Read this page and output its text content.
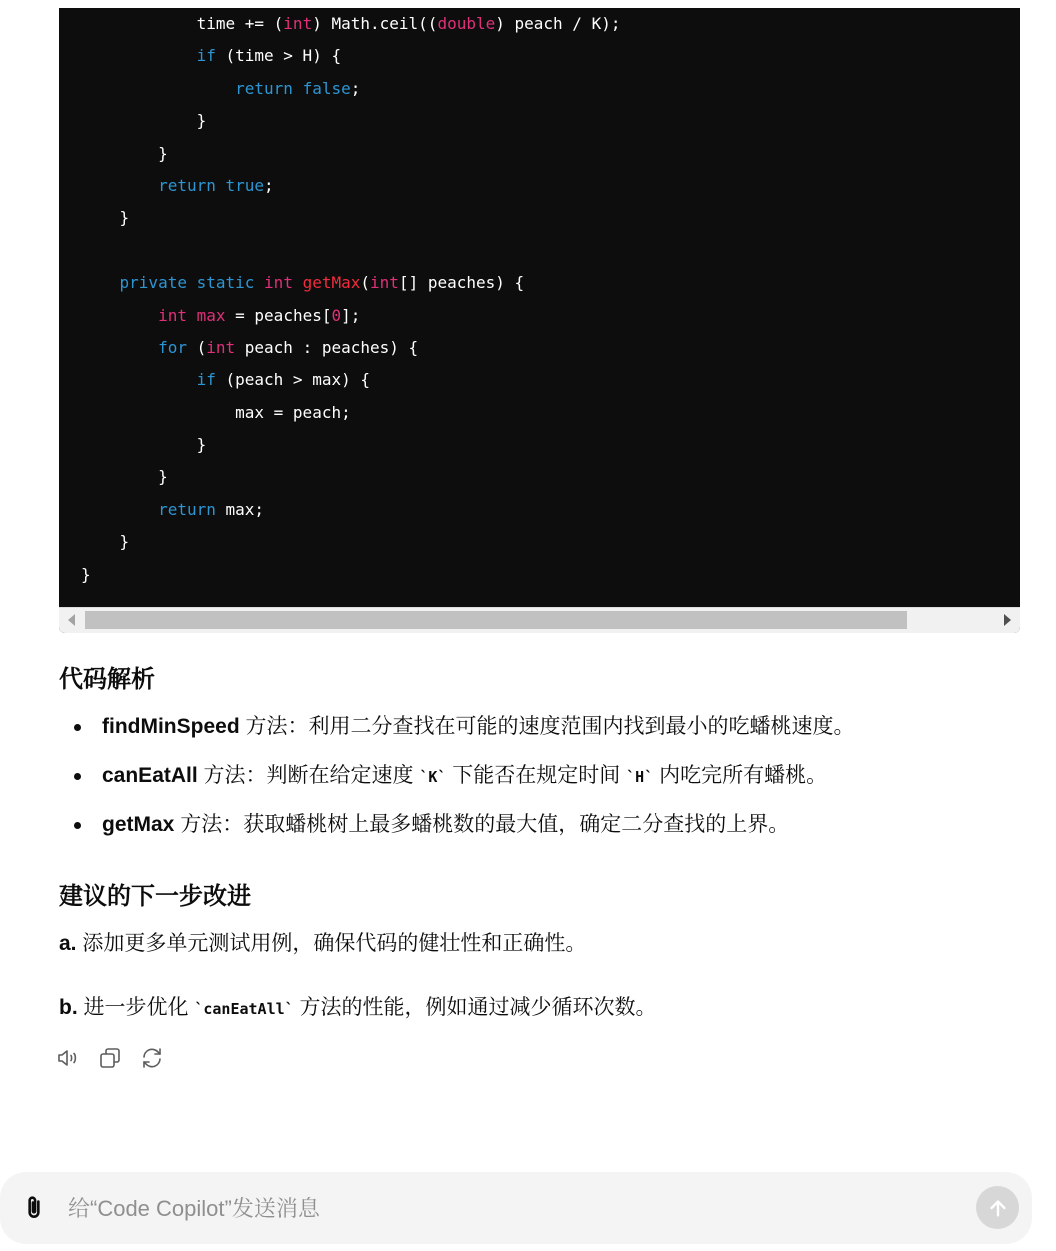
time += (int) Math.ceil((double) peach / K);
if (time > H) {
return false;
}
}
return true;
}
private static int getMax(int[] peaches) {
int max = peaches[0];
for (int peach : peaches) {
if (peach > max) {
max = peach;
}
}
return max;
}
}
代码解析
findMinSpeed 方法：利用二分查找在可能的速度范围内找到最小的吃蟠桃速度。
canEatAll 方法：判断在给定速度 `K` 下能否在规定时间 `H` 内吃完所有蟠桃。
getMax 方法：获取蟠桃树上最多蟠桃数的最大值，确定二分查找的上界。
建议的下一步改进

a. 添加更多单元测试用例，确保代码的健壮性和正确性。

b. 进一步优化 `canEatAll` 方法的性能，例如通过减少循环次数。

给“Code Copilot”发送消息
